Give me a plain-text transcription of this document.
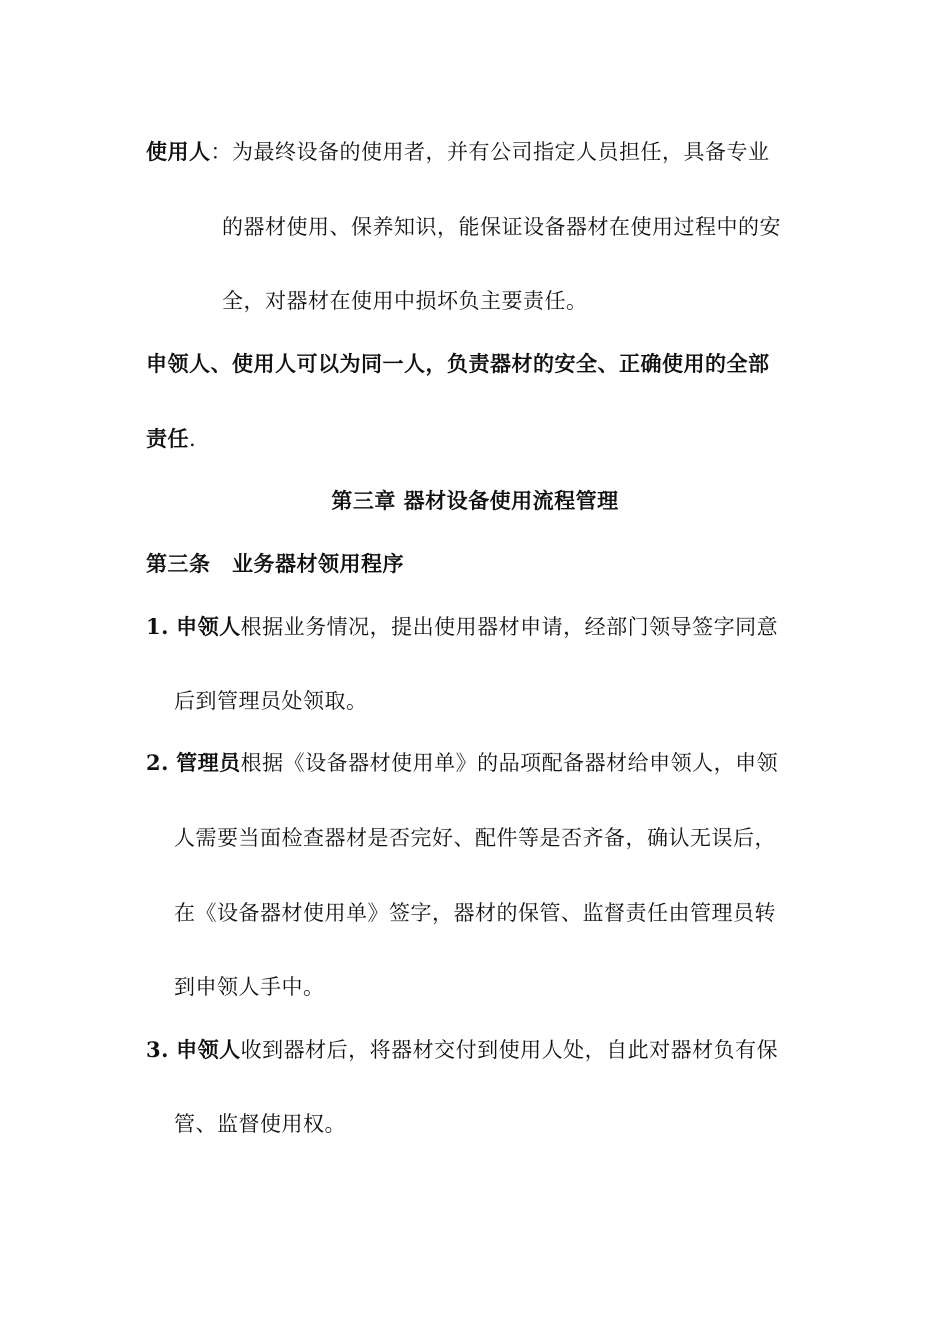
使用人：为最终设备的使用者，并有公司指定人员担任，具备专业
的器材使用、保养知识，能保证设备器材在使用过程中的安
全，对器材在使用中损坏负主要责任。
申领人、使用人可以为同一人，负责器材的安全、正确使用的全部
责任.
第三章 器材设备使用流程管理
第三条　业务器材领用程序
1. 申领人根据业务情况，提出使用器材申请，经部门领导签字同意
后到管理员处领取。
2. 管理员根据《设备器材使用单》的品项配备器材给申领人，申领
人需要当面检查器材是否完好、配件等是否齐备，确认无误后，
在《设备器材使用单》签字，器材的保管、监督责任由管理员转
到申领人手中。
3. 申领人收到器材后，将器材交付到使用人处，自此对器材负有保
管、监督使用权。
